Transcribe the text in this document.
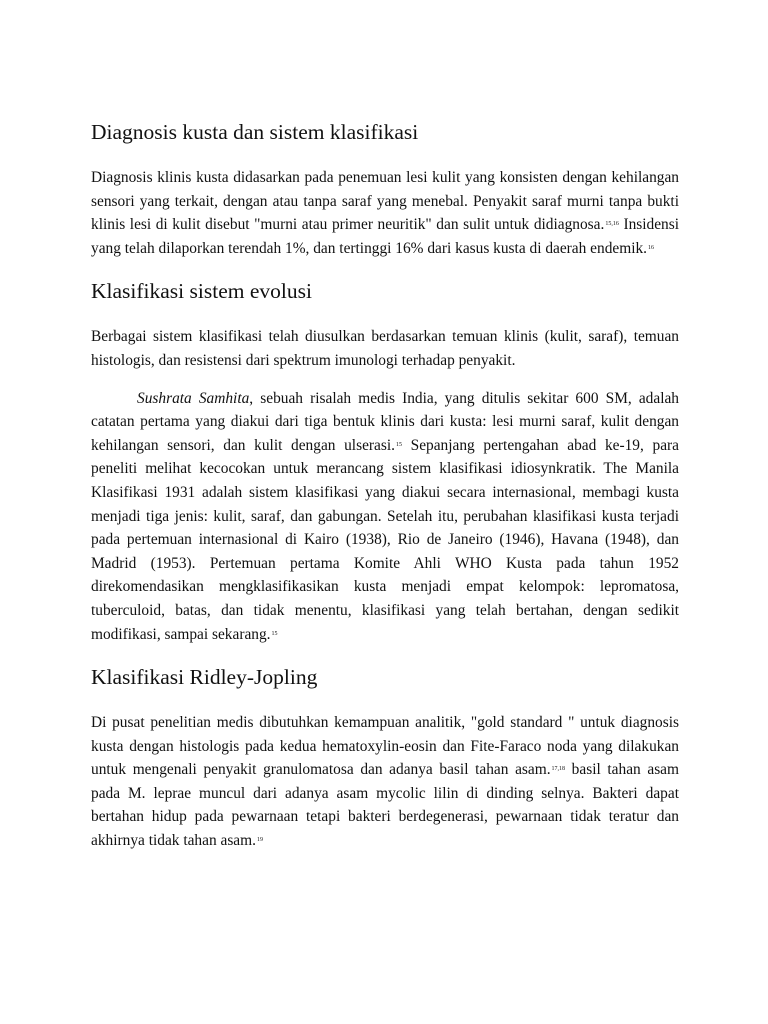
Diagnosis kusta dan sistem klasifikasi

Diagnosis klinis kusta didasarkan pada penemuan lesi kulit yang konsisten dengan kehilangan sensori yang terkait, dengan atau tanpa saraf yang menebal. Penyakit saraf murni tanpa bukti klinis lesi di kulit disebut "murni atau primer neuritik" dan sulit untuk didiagnosa.$^{15,16}$ Insidensi yang telah dilaporkan terendah 1%, dan tertinggi 16% dari kasus kusta di daerah endemik.$^{16}$

Klasifikasi sistem evolusi

Berbagai sistem klasifikasi telah diusulkan berdasarkan temuan klinis (kulit, saraf), temuan histologis, dan resistensi dari spektrum imunologi terhadap penyakit.

Sushrata Samhita, sebuah risalah medis India, yang ditulis sekitar 600 SM, adalah catatan pertama yang diakui dari tiga bentuk klinis dari kusta: lesi murni saraf, kulit dengan kehilangan sensori, dan kulit dengan ulserasi.$^{15}$ Sepanjang pertengahan abad ke-19, para peneliti melihat kecocokan untuk merancang sistem klasifikasi idiosynkratik. The Manila Klasifikasi 1931 adalah sistem klasifikasi yang diakui secara internasional, membagi kusta menjadi tiga jenis: kulit, saraf, dan gabungan. Setelah itu, perubahan klasifikasi kusta terjadi pada pertemuan internasional di Kairo (1938), Rio de Janeiro (1946), Havana (1948), dan Madrid (1953). Pertemuan pertama Komite Ahli WHO Kusta pada tahun 1952 direkomendasikan mengklasifikasikan kusta menjadi empat kelompok: lepromatosa, tuberculoid, batas, dan tidak menentu, klasifikasi yang telah bertahan, dengan sedikit modifikasi, sampai sekarang.$^{15}$

Klasifikasi Ridley-Jopling

Di pusat penelitian medis dibutuhkan kemampuan analitik, "gold standard " untuk diagnosis kusta dengan histologis pada kedua hematoxylin-eosin dan Fite-Faraco noda yang dilakukan untuk mengenali penyakit granulomatosa dan adanya basil tahan asam.$^{17,18}$ basil tahan asam pada M. leprae muncul dari adanya asam mycolic lilin di dinding selnya. Bakteri dapat bertahan hidup pada pewarnaan tetapi bakteri berdegenerasi, pewarnaan tidak teratur dan akhirnya tidak tahan asam.$^{19}$
